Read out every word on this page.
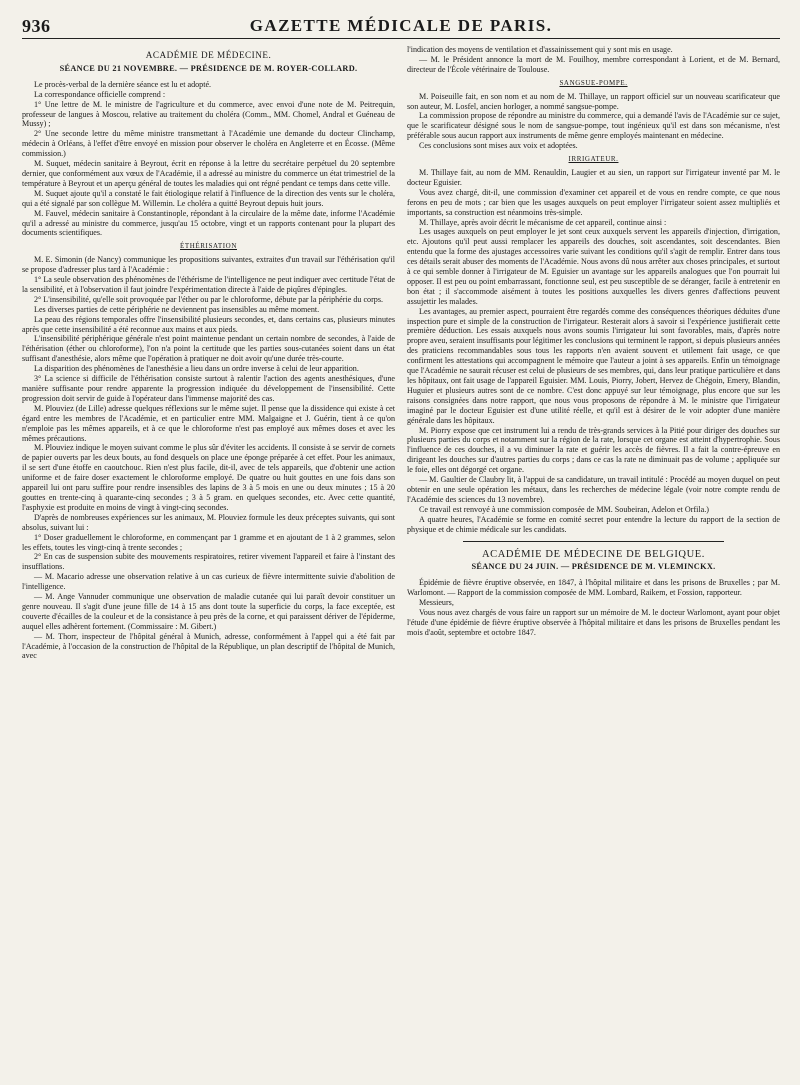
936	GAZETTE MÉDICALE DE PARIS.
ACADÉMIE DE MÉDECINE.
SÉANCE DU 21 NOVEMBRE. — PRÉSIDENCE DE M. ROYER-COLLARD.

Le procès-verbal de la dernière séance est lu et adopté.

La correspondance officielle comprend :

1° Une lettre de M. le ministre de l'agriculture et du commerce, avec envoi d'une note de M. Peitrequin, professeur de langues à Moscou, relative au traitement du choléra (Comm., MM. Chomel, Andral et Guéneau de Mussy) ;

2° Une seconde lettre du même ministre transmettant à l'Académie une demande du docteur Clinchamp, médecin à Orléans, à l'effet d'être envoyé en mission pour observer le choléra en Angleterre et en Écosse. (Même commission.)

M. Suquet, médecin sanitaire à Beyrout, écrit en réponse à la lettre du secrétaire perpétuel du 20 septembre dernier, que conformément aux vœux de l'Académie, il a adressé au ministre du commerce un état trimestriel de la température à Beyrout et un aperçu général de toutes les maladies qui ont régné pendant ce temps dans cette ville.

M. Suquet ajoute qu'il a constaté le fait étiologique relatif à l'influence de la direction des vents sur le choléra, qui a été signalé par son collègue M. Willemin. Le choléra a quitté Beyrout depuis huit jours.

M. Fauvel, médecin sanitaire à Constantinople, répondant à la circulaire de la même date, informe l'Académie qu'il a adressé au ministre du commerce, jusqu'au 15 octobre, vingt et un rapports contenant pour la plupart des documents scientifiques.

ÉTHÉRISATION

M. E. Simonin (de Nancy) communique les propositions suivantes, extraites d'un travail sur l'éthérisation qu'il se propose d'adresser plus tard à l'Académie :

1° La seule observation des phénomènes de l'éthérisme de l'intelligence ne peut indiquer avec certitude l'état de la sensibilité, et à l'observation il faut joindre l'expérimentation directe à l'aide de piqûres d'épingles.

2° L'insensibilité, qu'elle soit provoquée par l'éther ou par le chloroforme, débute par la périphérie du corps.

Les diverses parties de cette périphérie ne deviennent pas insensibles au même moment.

La peau des régions temporales offre l'insensibilité plusieurs secondes, et, dans certains cas, plusieurs minutes après que cette insensibilité a été reconnue aux mains et aux pieds.

L'insensibilité périphérique générale n'est point maintenue pendant un certain nombre de secondes, à l'aide de l'éthérisation (éther ou chloroforme), l'on n'a point la certitude que les parties sous-cutanées soient dans un état suffisant d'anesthésie, alors même que l'opération à pratiquer ne doit avoir qu'une durée très-courte.

La disparition des phénomènes de l'anesthésie a lieu dans un ordre inverse à celui de leur apparition.

3° La science si difficile de l'éthérisation consiste surtout à ralentir l'action des agents anesthésiques, d'une manière suffisante pour rendre apparente la progression indiquée du développement de l'insensibilité. Cette progression doit servir de guide à l'opérateur dans l'immense majorité des cas.

M. Plouviez (de Lille) adresse quelques réflexions sur le même sujet. Il pense que la dissidence qui existe à cet égard entre les membres de l'Académie, et en particulier entre MM. Malgaigne et J. Guérin, tient à ce qu'on n'emploie pas les mêmes appareils, et à ce que le chloroforme n'est pas employé aux mêmes doses et avec les mêmes précautions.

M. Plouviez indique le moyen suivant comme le plus sûr d'éviter les accidents. Il consiste à se servir de cornets de papier ouverts par les deux bouts, au fond desquels on place une éponge préparée à cet effet. Pour les animaux, il se sert d'une étoffe en caoutchouc. Rien n'est plus facile, dit-il, avec de tels appareils, que d'obtenir une action uniforme et de faire doser exactement le chloroforme employé. De quatre ou huit gouttes en une fois dans son appareil lui ont paru suffire pour rendre insensibles des lapins de 3 à 5 mois en une ou deux minutes ; 15 à 20 gouttes en trente-cinq à quarante-cinq secondes ; 3 à 5 gram. en quelques secondes, etc. Avec cette quantité, l'asphyxie est produite en moins de vingt à vingt-cinq secondes.

D'après de nombreuses expériences sur les animaux, M. Plouviez formule les deux préceptes suivants, qui sont absolus, suivant lui :

1° Doser graduellement le chloroforme, en commençant par 1 gramme et en ajoutant de 1 à 2 grammes, selon les effets, toutes les vingt-cinq à trente secondes ;

2° En cas de suspension subite des mouvements respiratoires, retirer vivement l'appareil et faire à l'instant des insufflations.

— M. Macario adresse une observation relative à un cas curieux de fièvre intermittente suivie d'abolition de l'intelligence.

— M. Ange Vannuder communique une observation de maladie cutanée qui lui paraît devoir constituer un genre nouveau. Il s'agit d'une jeune fille de 14 à 15 ans dont toute la superficie du corps, la face exceptée, est couverte d'écailles de la couleur et de la consistance à peu près de la corne, et qui paraissent dériver de l'épiderme, auquel elles adhèrent fortement. (Commissaire : M. Gibert.)

— M. Thorr, inspecteur de l'hôpital général à Munich, adresse, conformément à l'appel qui a été fait par l'Académie, à l'occasion de la construction de l'hôpital de la République, un plan descriptif de l'hôpital de Munich, avec

l'indication des moyens de ventilation et d'assainissement qui y sont mis en usage.

— M. le Président annonce la mort de M. Fouilhoy, membre correspondant à Lorient, et de M. Bernard, directeur de l'École vétérinaire de Toulouse.

SANGSUE-POMPE.

M. Poiseuille fait, en son nom et au nom de M. Thillaye, un rapport officiel sur un nouveau scarificateur que son auteur, M. Losfel, ancien horloger, a nommé sangsue-pompe.

La commission propose de répondre au ministre du commerce, qui a demandé l'avis de l'Académie sur ce sujet, que le scarificateur désigné sous le nom de sangsue-pompe, tout ingénieux qu'il est dans son mécanisme, n'est préférable sous aucun rapport aux instruments de même genre employés maintenant en médecine.

Ces conclusions sont mises aux voix et adoptées.

IRRIGATEUR.

M. Thillaye fait, au nom de MM. Renauldin, Laugier et au sien, un rapport sur l'irrigateur inventé par M. le docteur Eguisier.

Vous avez chargé, dit-il, une commission d'examiner cet appareil et de vous en rendre compte, ce que nous ferons en peu de mots ; car bien que les usages auxquels on peut employer l'irrigateur soient assez multipliés et importants, sa construction est néanmoins très-simple.

M. Thillaye, après avoir décrit le mécanisme de cet appareil, continue ainsi :

Les usages auxquels on peut employer le jet sont ceux auxquels servent les appareils d'injection, d'irrigation, etc. Ajoutons qu'il peut aussi remplacer les appareils des douches, soit ascendantes, soit descendantes. Bien entendu que la forme des ajustages accessoires varie suivant les conditions qu'il s'agit de remplir. Entrer dans tous ces détails serait abuser des moments de l'Académie. Nous avons dû nous arrêter aux choses principales, et surtout à ce qui semble donner à l'irrigateur de M. Eguisier un avantage sur les appareils analogues que l'on pourrait lui opposer. Il est peu ou point embarrassant, fonctionne seul, est peu susceptible de se déranger, facile à entretenir en bon état ; il s'accommode aisément à toutes les positions auxquelles les divers genres d'affections peuvent assujettir les malades.

Les avantages, au premier aspect, pourraient être regardés comme des conséquences théoriques déduites d'une inspection pure et simple de la construction de l'irrigateur. Resterait alors à savoir si l'expérience justifierait cette première déduction. Les essais auxquels nous avons soumis l'irrigateur lui sont favorables, mais, d'après notre propre aveu, seraient insuffisants pour légitimer les conclusions qui terminent le rapport, si depuis plusieurs années des praticiens recommandables sous tous les rapports n'en avaient souvent et utilement fait usage, ce que confirment les attestations qui accompagnent le mémoire que l'auteur a joint à ses appareils. Enfin un témoignage que l'Académie ne saurait récuser est celui de plusieurs de ses membres, qui, dans leur pratique particulière et dans les hôpitaux, ont fait usage de l'appareil Eguisier. MM. Louis, Piorry, Jobert, Hervez de Chégoin, Emery, Blandin, Huguier et plusieurs autres sont de ce nombre. C'est donc appuyé sur leur témoignage, plus encore que sur les raisons consignées dans notre rapport, que nous vous proposons de répondre à M. le ministre que l'irrigateur imaginé par le docteur Eguisier est d'une utilité réelle, et qu'il est à désirer de le voir adopter d'une manière générale dans les hôpitaux.

M. Piorry expose que cet instrument lui a rendu de très-grands services à la Pitié pour diriger des douches sur plusieurs parties du corps et notamment sur la région de la rate, lorsque cet organe est atteint d'hypertrophie. Sous l'influence de ces douches, il a vu diminuer la rate et guérir les accès de fièvres. Il a fait la contre-épreuve en dirigeant les douches sur d'autres parties du corps ; dans ce cas la rate ne diminuait pas de volume ; appliquée sur le foie, elles ont dégorgé cet organe.

— M. Gaultier de Claubry lit, à l'appui de sa candidature, un travail intitulé : Procédé au moyen duquel on peut obtenir en une seule opération les métaux, dans les recherches de médecine légale (voir notre compte rendu de l'Académie des sciences du 13 novembre).

Ce travail est renvoyé à une commission composée de MM. Soubeiran, Adelon et Orfila.)

A quatre heures, l'Académie se forme en comité secret pour entendre la lecture du rapport de la section de physique et de chimie médicale sur les candidats.

ACADÉMIE DE MÉDECINE DE BELGIQUE.
SÉANCE DU 24 JUIN. — PRÉSIDENCE DE M. VLEMINCKX.

Épidémie de fièvre éruptive observée, en 1847, à l'hôpital militaire et dans les prisons de Bruxelles ; par M. Warlomont. — Rapport de la commission composée de MM. Lombard, Raikem, et Fossion, rapporteur.

Messieurs,

Vous nous avez chargés de vous faire un rapport sur un mémoire de M. le docteur Warlomont, ayant pour objet l'étude d'une épidémie de fièvre éruptive observée à l'hôpital militaire et dans les prisons de Bruxelles pendant les mois d'août, septembre et octobre 1847.
